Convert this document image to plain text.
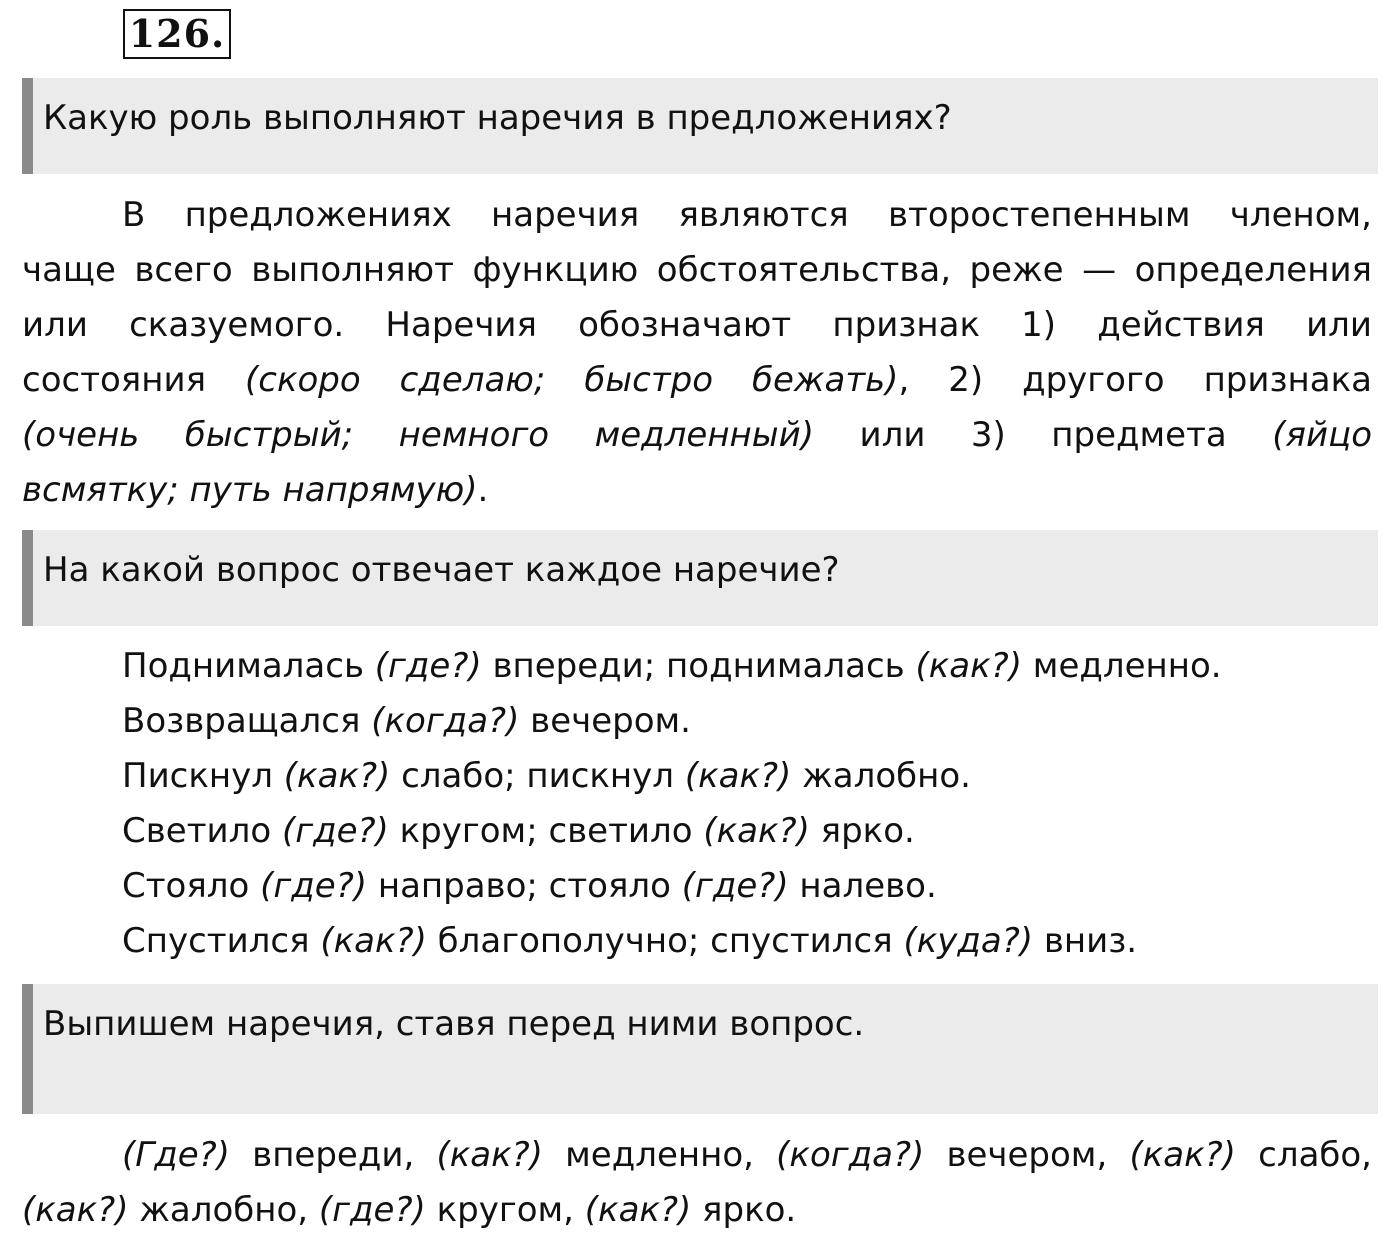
126.
Какую роль выполняют наречия в предложениях?
В предложениях наречия являются второстепенным членом,
чаще всего выполняют функцию обстоятельства, реже — определения
или сказуемого. Наречия обозначают признак 1) действия или
состояния (скоро сделаю; быстро бежать), 2) другого признака
(очень быстрый; немного медленный) или 3) предмета (яйцо
всмятку; путь напрямую).
На какой вопрос отвечает каждое наречие?
Поднималась (где?) впереди; поднималась (как?) медленно.
Возвращался (когда?) вечером.
Пискнул (как?) слабо; пискнул (как?) жалобно.
Светило (где?) кругом; светило (как?) ярко.
Стояло (где?) направо; стояло (где?) налево.
Спустился (как?) благополучно; спустился (куда?) вниз.
Выпишем наречия, ставя перед ними вопрос.
(Где?) впереди, (как?) медленно, (когда?) вечером, (как?) слабо,
(как?) жалобно, (где?) кругом, (как?) ярко.
